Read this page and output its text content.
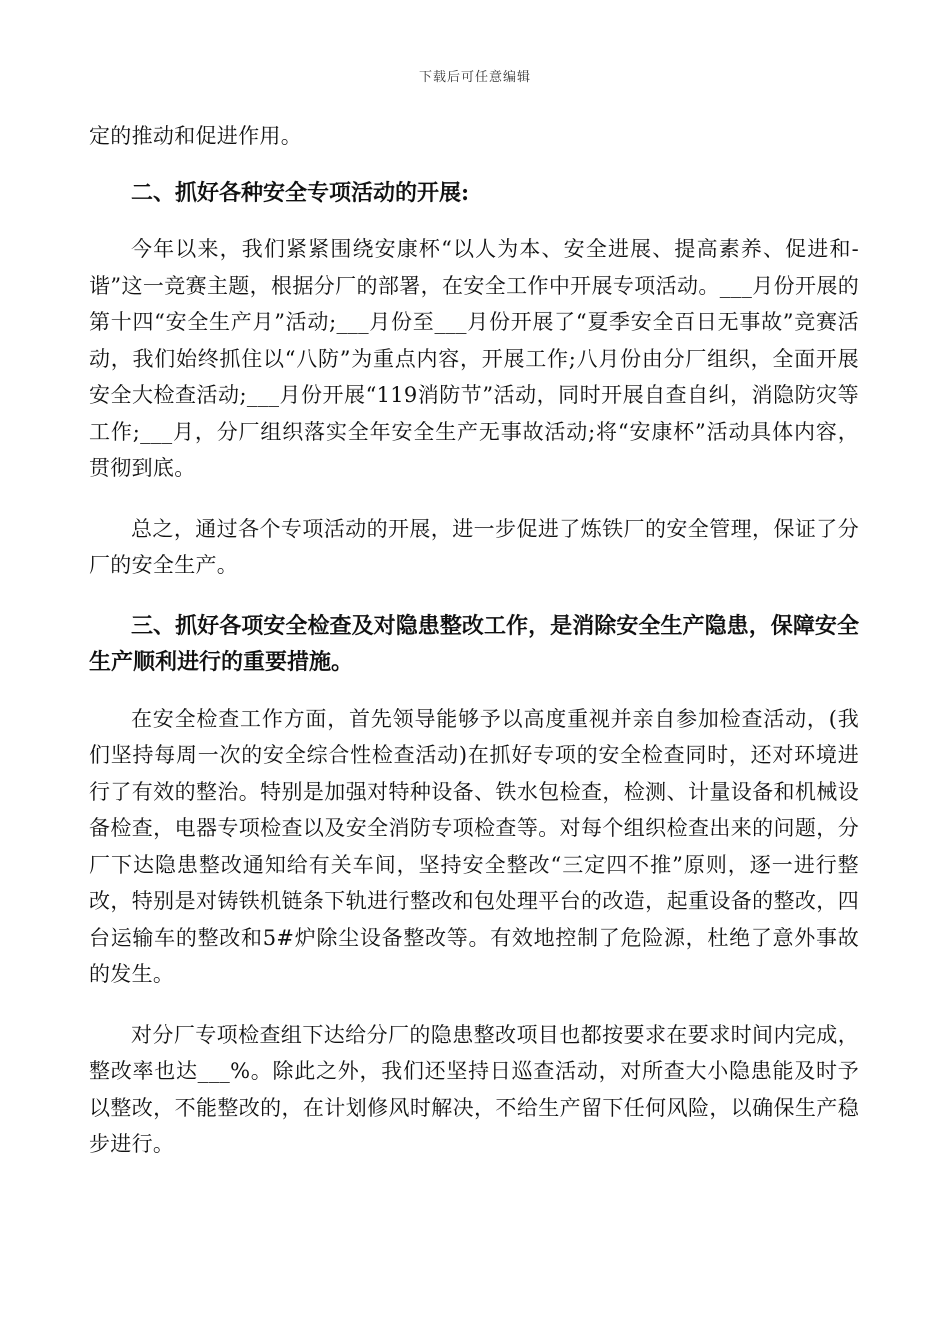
下载后可任意编辑

定的推动和促进作用。

二、抓好各种安全专项活动的开展:

今年以来，我们紧紧围绕安康杯“以人为本、安全进展、提高素养、促进和-谐”这一竞赛主题，根据分厂的部署，在安全工作中开展专项活动。___月份开展的第十四“安全生产月”活动;___月份至___月份开展了“夏季安全百日无事故”竞赛活动，我们始终抓住以“八防”为重点内容，开展工作;八月份由分厂组织，全面开展安全大检查活动;___月份开展“119消防节”活动，同时开展自查自纠，消隐防灾等工作;___月，分厂组织落实全年安全生产无事故活动;将“安康杯”活动具体内容，贯彻到底。

总之，通过各个专项活动的开展，进一步促进了炼铁厂的安全管理，保证了分厂的安全生产。

三、抓好各项安全检查及对隐患整改工作，是消除安全生产隐患，保障安全生产顺利进行的重要措施。

在安全检查工作方面，首先领导能够予以高度重视并亲自参加检查活动，(我们坚持每周一次的安全综合性检查活动)在抓好专项的安全检查同时，还对环境进行了有效的整治。特别是加强对特种设备、铁水包检查，检测、计量设备和机械设备检查，电器专项检查以及安全消防专项检查等。对每个组织检查出来的问题，分厂下达隐患整改通知给有关车间，坚持安全整改“三定四不推”原则，逐一进行整改，特别是对铸铁机链条下轨进行整改和包处理平台的改造，起重设备的整改，四台运输车的整改和5#炉除尘设备整改等。有效地控制了危险源，杜绝了意外事故的发生。

对分厂专项检查组下达给分厂的隐患整改项目也都按要求在要求时间内完成，整改率也达___%。除此之外，我们还坚持日巡查活动，对所查大小隐患能及时予以整改，不能整改的，在计划修风时解决，不给生产留下任何风险，以确保生产稳步进行。
